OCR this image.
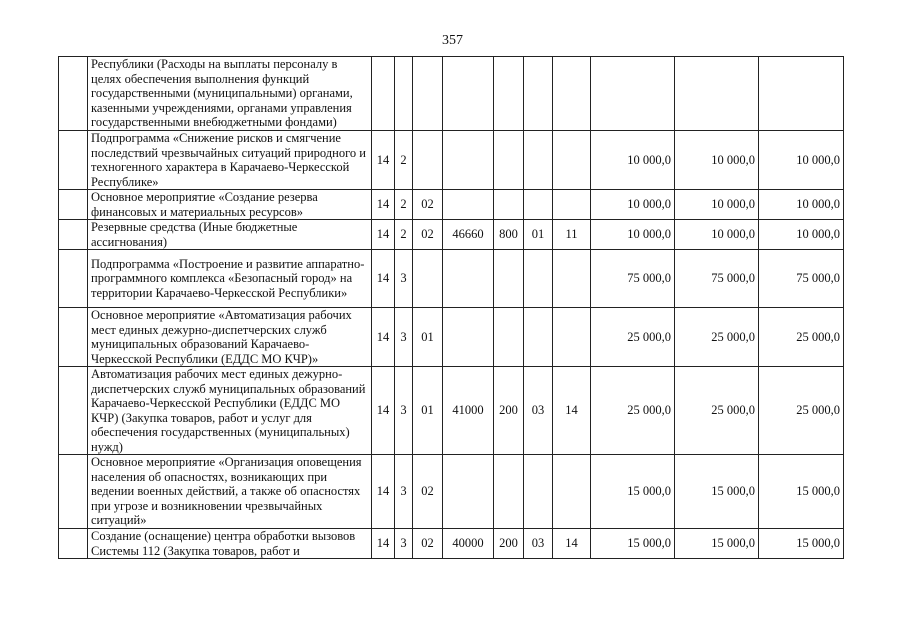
357
	Республики (Расходы на выплаты персоналу в целях обеспечения выполнения функций государственными (муниципальными) органами, казенными учреждениями, органами управления государственными внебюджетными фондами)										
	Подпрограмма «Снижение рисков и смягчение последствий чрезвычайных ситуаций природного и техногенного характера в Карачаево-Черкесской Республике»	14	2						10 000,0	10 000,0	10 000,0
	Основное мероприятие «Создание резерва финансовых и материальных ресурсов»	14	2	02					10 000,0	10 000,0	10 000,0
	Резервные средства (Иные бюджетные ассигнования)	14	2	02	46660	800	01	11	10 000,0	10 000,0	10 000,0
	Подпрограмма «Построение и развитие аппаратно-программного комплекса «Безопасный город» на территории Карачаево-Черкесской Республики»	14	3						75 000,0	75 000,0	75 000,0
	Основное мероприятие «Автоматизация рабочих мест единых дежурно-диспетчерских служб муниципальных образований Карачаево-Черкесской Республики (ЕДДС МО КЧР)»	14	3	01					25 000,0	25 000,0	25 000,0
	Автоматизация рабочих мест единых дежурно-диспетчерских служб муниципальных образований Карачаево-Черкесской Республики (ЕДДС МО КЧР) (Закупка товаров, работ и услуг для обеспечения государственных (муниципальных) нужд)	14	3	01	41000	200	03	14	25 000,0	25 000,0	25 000,0
	Основное мероприятие «Организация оповещения населения об опасностях, возникающих при ведении военных действий, а также об опасностях при угрозе и возникновении чрезвычайных ситуаций»	14	3	02					15 000,0	15 000,0	15 000,0
	Создание (оснащение) центра обработки вызовов Системы 112 (Закупка товаров, работ и	14	3	02	40000	200	03	14	15 000,0	15 000,0	15 000,0
